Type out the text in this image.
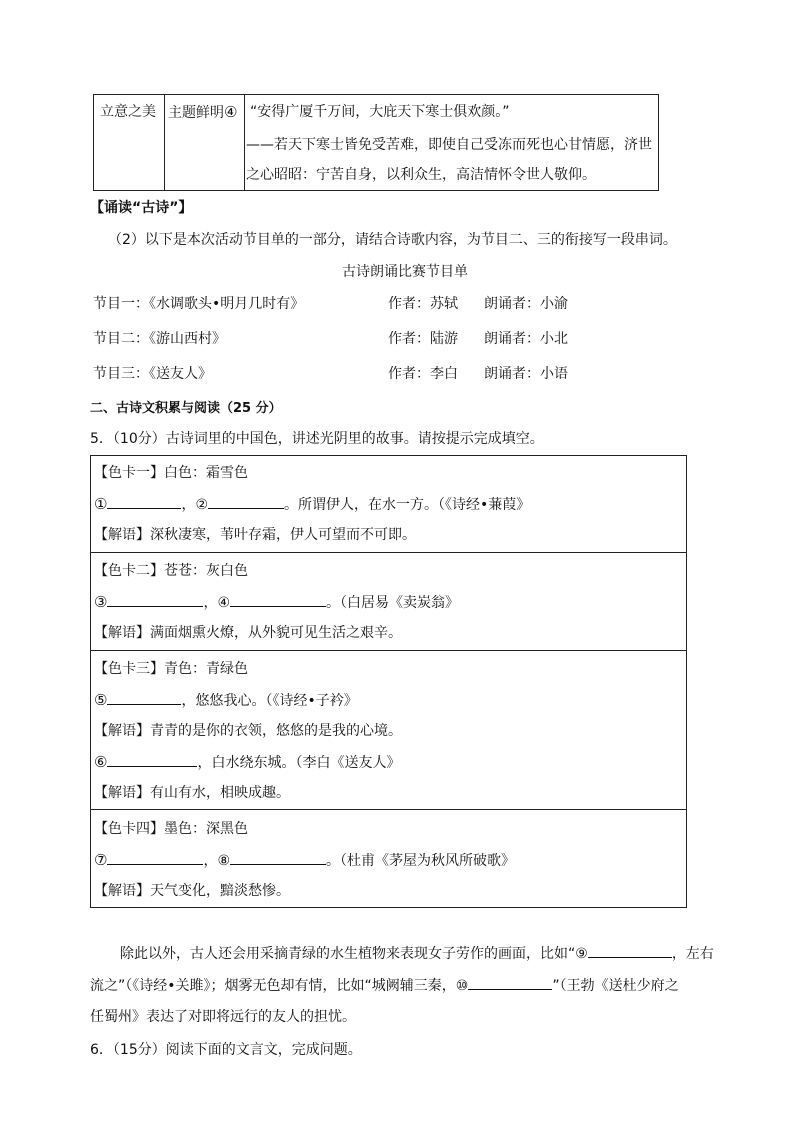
立意之美 主题鲜明④ “安得广厦千万间，大庇天下寒士俱欢颜。”
——若天下寒士皆免受苦难，即使自己受冻而死也心甘情愿，济世
之心昭昭：宁苦自身，以利众生，高洁情怀令世人敬仰。
【诵读“古诗”】
（2）以下是本次活动节目单的一部分，请结合诗歌内容，为节目二、三的衔接写一段串词。
古诗朗诵比赛节目单
节目一：《水调歌头•明月几时有》	作者：苏轼 朗诵者：小渝
节目二：《游山西村》	作者：陆游 朗诵者：小北
节目三：《送友人》	作者：李白 朗诵者：小语
二、古诗文积累与阅读（25 分）
5．（10分）古诗词里的中国色，讲述光阴里的故事。请按提示完成填空。
【色卡一】白色：霜雪色
①	，②	。所谓伊人，在水一方。（《诗经•蒹葭》
【解语】深秋凄寒，苇叶存霜，伊人可望而不可即。
【色卡二】苍苍：灰白色
③	，④	。（白居易《卖炭翁》
【解语】满面烟熏火燎，从外貌可见生活之艰辛。
【色卡三】青色：青绿色
⑤	，悠悠我心。（《诗经•子衿》
【解语】青青的是你的衣领，悠悠的是我的心境。
⑥	，白水绕东城。（李白《送友人》
【解语】有山有水，相映成趣。
【色卡四】墨色：深黑色
⑦	，⑧	。（杜甫《茅屋为秋风所破歌》
【解语】天气变化，黯淡愁惨。
除此以外，古人还会用采摘青绿的水生植物来表现女子劳作的画面，比如“⑨	，左右
流之”（《诗经•关雎》；烟雾无色却有情，比如“城阙辅三秦，⑩	”（王勃《送杜少府之
任蜀州》表达了对即将远行的友人的担忧。
6．（15分）阅读下面的文言文，完成问题。
